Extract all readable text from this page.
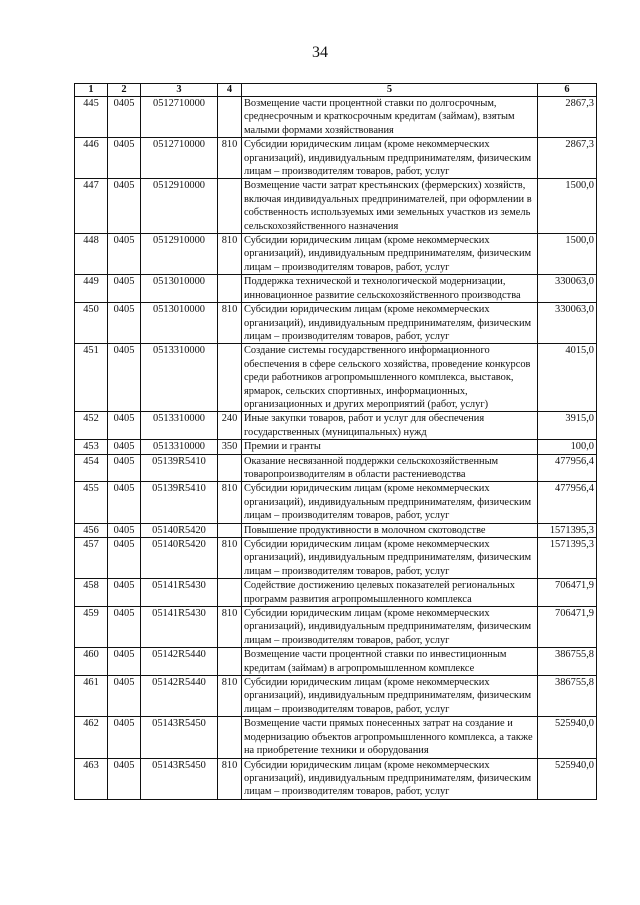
34
1	2	3	4	5	6
445	0405	0512710000		Возмещение части процентной ставки по долгосрочным, среднесрочным и краткосрочным кредитам (займам), взятым малыми формами хозяйствования	2867,3
446	0405	0512710000	810	Субсидии юридическим лицам (кроме некоммерческих организаций), индивидуальным предпринимателям, физическим лицам – производителям товаров, работ, услуг	2867,3
447	0405	0512910000		Возмещение части затрат крестьянских (фермерских) хозяйств, включая индивидуальных предпринимателей, при оформлении в собственность используемых ими земельных участков из земель сельскохозяйственного назначения	1500,0
448	0405	0512910000	810	Субсидии юридическим лицам (кроме некоммерческих организаций), индивидуальным предпринимателям, физическим лицам – производителям товаров, работ, услуг	1500,0
449	0405	0513010000		Поддержка технической и технологической модернизации, инновационное развитие сельскохозяйственного производства	330063,0
450	0405	0513010000	810	Субсидии юридическим лицам (кроме некоммерческих организаций), индивидуальным предпринимателям, физическим лицам – производителям товаров, работ, услуг	330063,0
451	0405	0513310000		Создание системы государственного информационного обеспечения в сфере сельского хозяйства, проведение конкурсов среди работников агропромышленного комплекса, выставок, ярмарок, сельских спортивных, информационных, организационных и других мероприятий (работ, услуг)	4015,0
452	0405	0513310000	240	Иные закупки товаров, работ и услуг для обеспечения государственных (муниципальных) нужд	3915,0
453	0405	0513310000	350	Премии и гранты	100,0
454	0405	05139R5410		Оказание несвязанной поддержки сельскохозяйственным товаропроизводителям в области растениеводства	477956,4
455	0405	05139R5410	810	Субсидии юридическим лицам (кроме некоммерческих организаций), индивидуальным предпринимателям, физическим лицам – производителям товаров, работ, услуг	477956,4
456	0405	05140R5420		Повышение продуктивности в молочном скотоводстве	1571395,3
457	0405	05140R5420	810	Субсидии юридическим лицам (кроме некоммерческих организаций), индивидуальным предпринимателям, физическим лицам – производителям товаров, работ, услуг	1571395,3
458	0405	05141R5430		Содействие достижению целевых показателей региональных программ развития агропромышленного комплекса	706471,9
459	0405	05141R5430	810	Субсидии юридическим лицам (кроме некоммерческих организаций), индивидуальным предпринимателям, физическим лицам – производителям товаров, работ, услуг	706471,9
460	0405	05142R5440		Возмещение части процентной ставки по инвестиционным кредитам (займам) в агропромышленном комплексе	386755,8
461	0405	05142R5440	810	Субсидии юридическим лицам (кроме некоммерческих организаций), индивидуальным предпринимателям, физическим лицам – производителям товаров, работ, услуг	386755,8
462	0405	05143R5450		Возмещение части прямых понесенных затрат на создание и модернизацию объектов агропромышленного комплекса, а также на приобретение техники и оборудования	525940,0
463	0405	05143R5450	810	Субсидии юридическим лицам (кроме некоммерческих организаций), индивидуальным предпринимателям, физическим лицам – производителям товаров, работ, услуг	525940,0
